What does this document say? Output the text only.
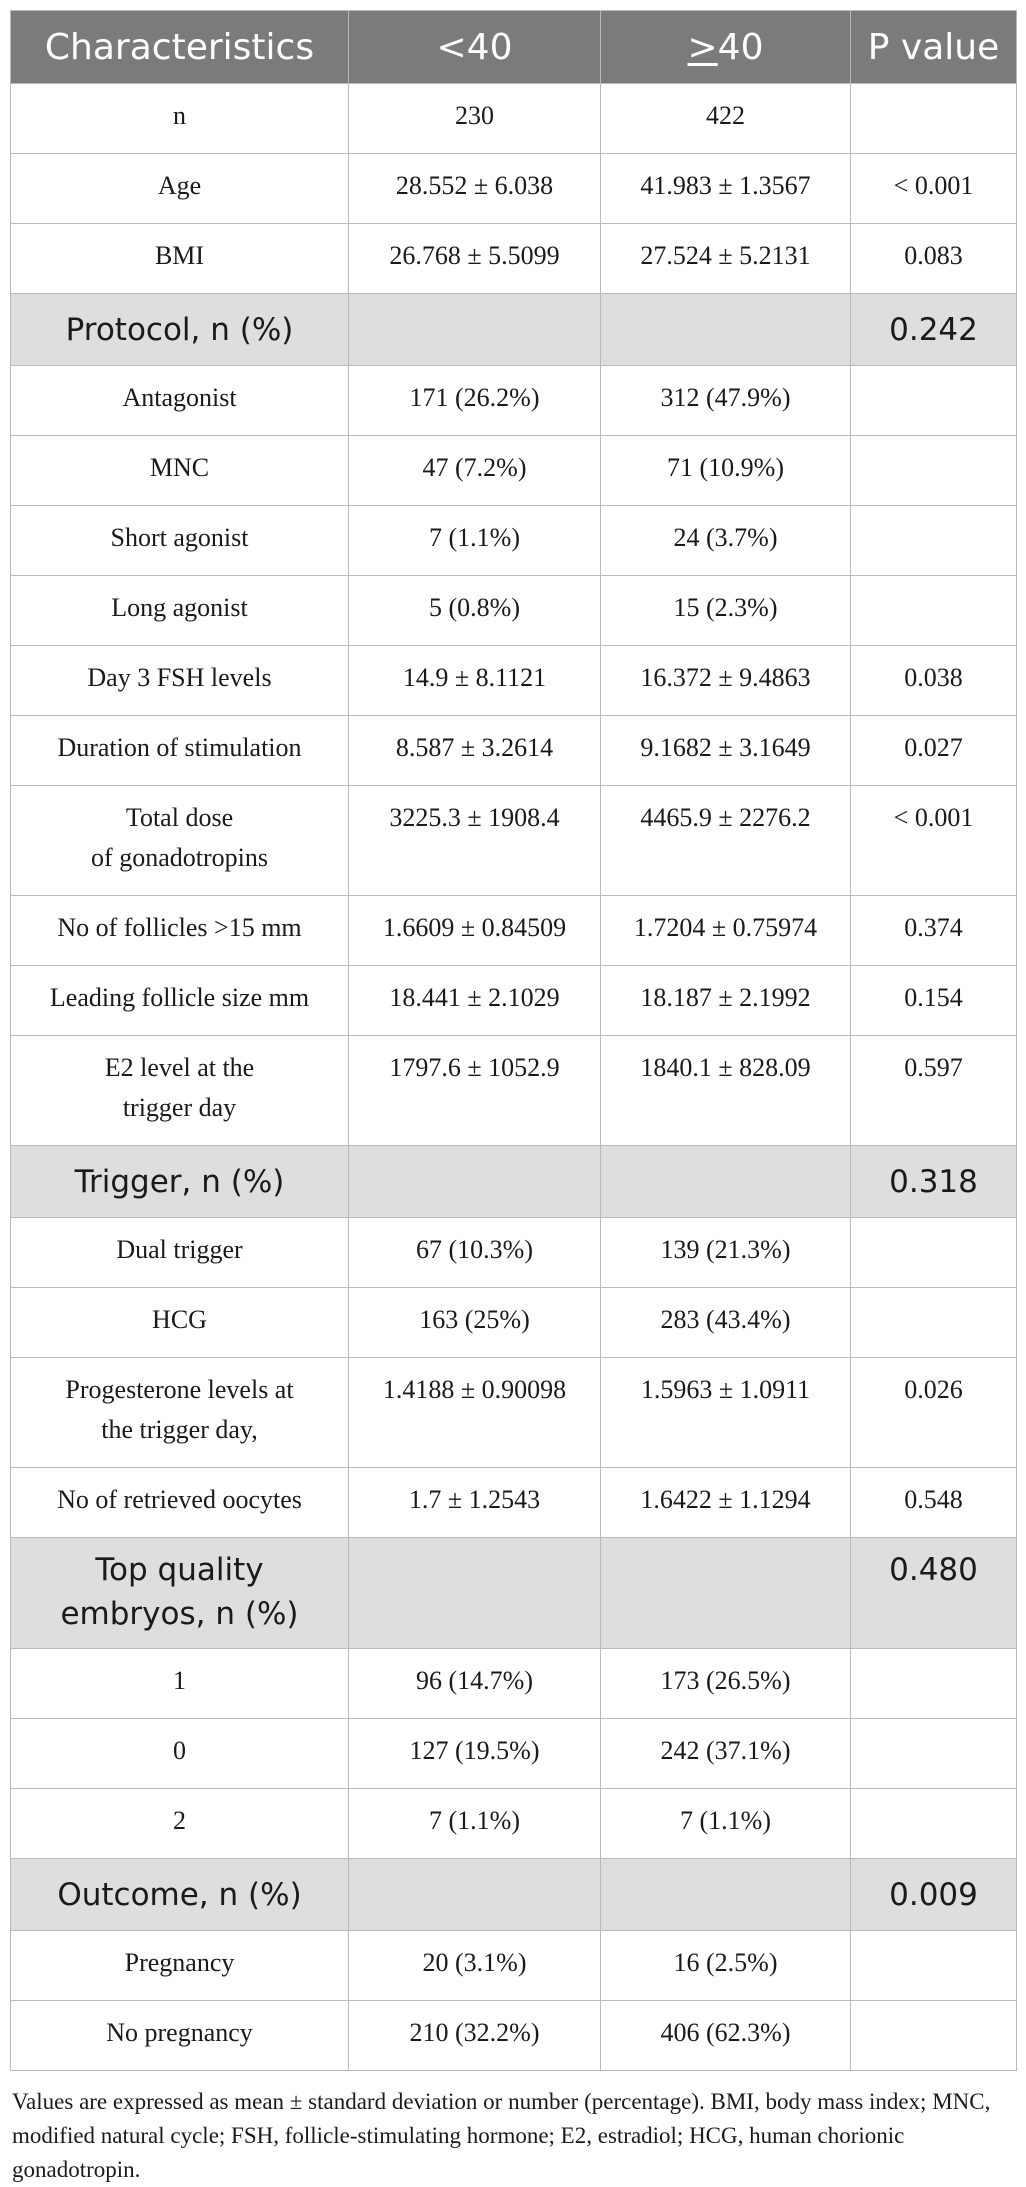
Characteristics	<40	>40	P value
n	230	422	
Age	28.552 ± 6.038	41.983 ± 1.3567	< 0.001
BMI	26.768 ± 5.5099	27.524 ± 5.2131	0.083
Protocol, n (%)			0.242
Antagonist	171 (26.2%)	312 (47.9%)	
MNC	47 (7.2%)	71 (10.9%)	
Short agonist	7 (1.1%)	24 (3.7%)	
Long agonist	5 (0.8%)	15 (2.3%)	
Day 3 FSH levels	14.9 ± 8.1121	16.372 ± 9.4863	0.038
Duration of stimulation	8.587 ± 3.2614	9.1682 ± 3.1649	0.027
Total dose
of gonadotropins	3225.3 ± 1908.4	4465.9 ± 2276.2	< 0.001
No of follicles >15 mm	1.6609 ± 0.84509	1.7204 ± 0.75974	0.374
Leading follicle size mm	18.441 ± 2.1029	18.187 ± 2.1992	0.154
E2 level at the
trigger day	1797.6 ± 1052.9	1840.1 ± 828.09	0.597
Trigger, n (%)			0.318
Dual trigger	67 (10.3%)	139 (21.3%)	
HCG	163 (25%)	283 (43.4%)	
Progesterone levels at
the trigger day,	1.4188 ± 0.90098	1.5963 ± 1.0911	0.026
No of retrieved oocytes	1.7 ± 1.2543	1.6422 ± 1.1294	0.548
Top quality
embryos, n (%)			0.480
1	96 (14.7%)	173 (26.5%)	
0	127 (19.5%)	242 (37.1%)	
2	7 (1.1%)	7 (1.1%)	
Outcome, n (%)			0.009
Pregnancy	20 (3.1%)	16 (2.5%)	
No pregnancy	210 (32.2%)	406 (62.3%)	
Values are expressed as mean ± standard deviation or number (percentage). BMI, body mass index; MNC, modified natural cycle; FSH, follicle-stimulating hormone; E2, estradiol; HCG, human chorionic gonadotropin.
